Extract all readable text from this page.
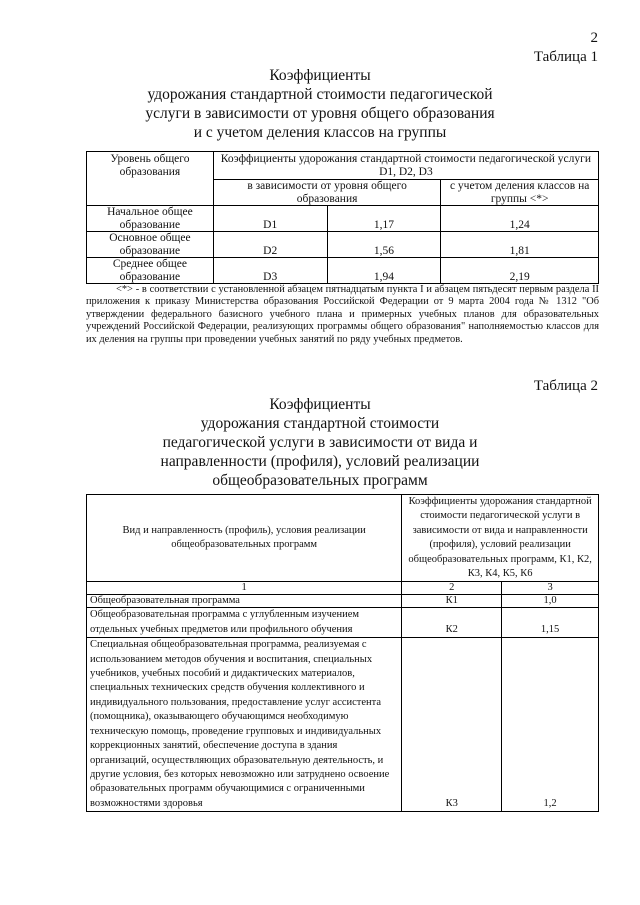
2
Таблица 1
Коэффициенты
удорожания стандартной стоимости педагогической
услуги в зависимости от уровня общего образования
и с учетом деления классов на группы
Уровень общего образования	Коэффициенты удорожания стандартной стоимости педагогической услуги D1, D2, D3		
	в зависимости от уровня общего образования		с учетом деления классов на группы <*>
Начальное общее образование	D1	1,17	1,24
Основное общее образование	D2	1,56	1,81
Среднее общее образование	D3	1,94	2,19
<*> - в соответствии с установленной абзацем пятнадцатым пункта I и абзацем пятьдесят первым раздела II приложения к приказу Министерства образования Российской Федерации от 9 марта 2004 года № 1312 "Об утверждении федерального базисного учебного плана и примерных учебных планов для образовательных учреждений Российской Федерации, реализующих программы общего образования" наполняемостью классов для их деления на группы при проведении учебных занятий по ряду учебных предметов.
Таблица 2
Коэффициенты
удорожания стандартной стоимости
педагогической услуги в зависимости от вида и
направленности (профиля), условий реализации
общеобразовательных программ
Вид и направленность (профиль), условия реализации общеобразовательных программ	Коэффициенты удорожания стандартной стоимости педагогической услуги в зависимости от вида и направленности (профиля), условий реализации общеобразовательных программ, К1, К2, К3, К4, К5, К6	
1	2	3
Общеобразовательная программа	К1	1,0
Общеобразовательная программа с углубленным изучением отдельных учебных предметов или профильного обучения	К2	1,15
Специальная общеобразовательная программа, реализуемая с использованием методов обучения и воспитания, специальных учебников, учебных пособий и дидактических материалов, специальных технических средств обучения коллективного и индивидуального пользования, предоставление услуг ассистента (помощника), оказывающего обучающимся необходимую техническую помощь, проведение групповых и индивидуальных коррекционных занятий, обеспечение доступа в здания организаций, осуществляющих образовательную деятельность, и другие условия, без которых невозможно или затруднено освоение образовательных программ обучающимися с ограниченными возможностями здоровья	К3	1,2
